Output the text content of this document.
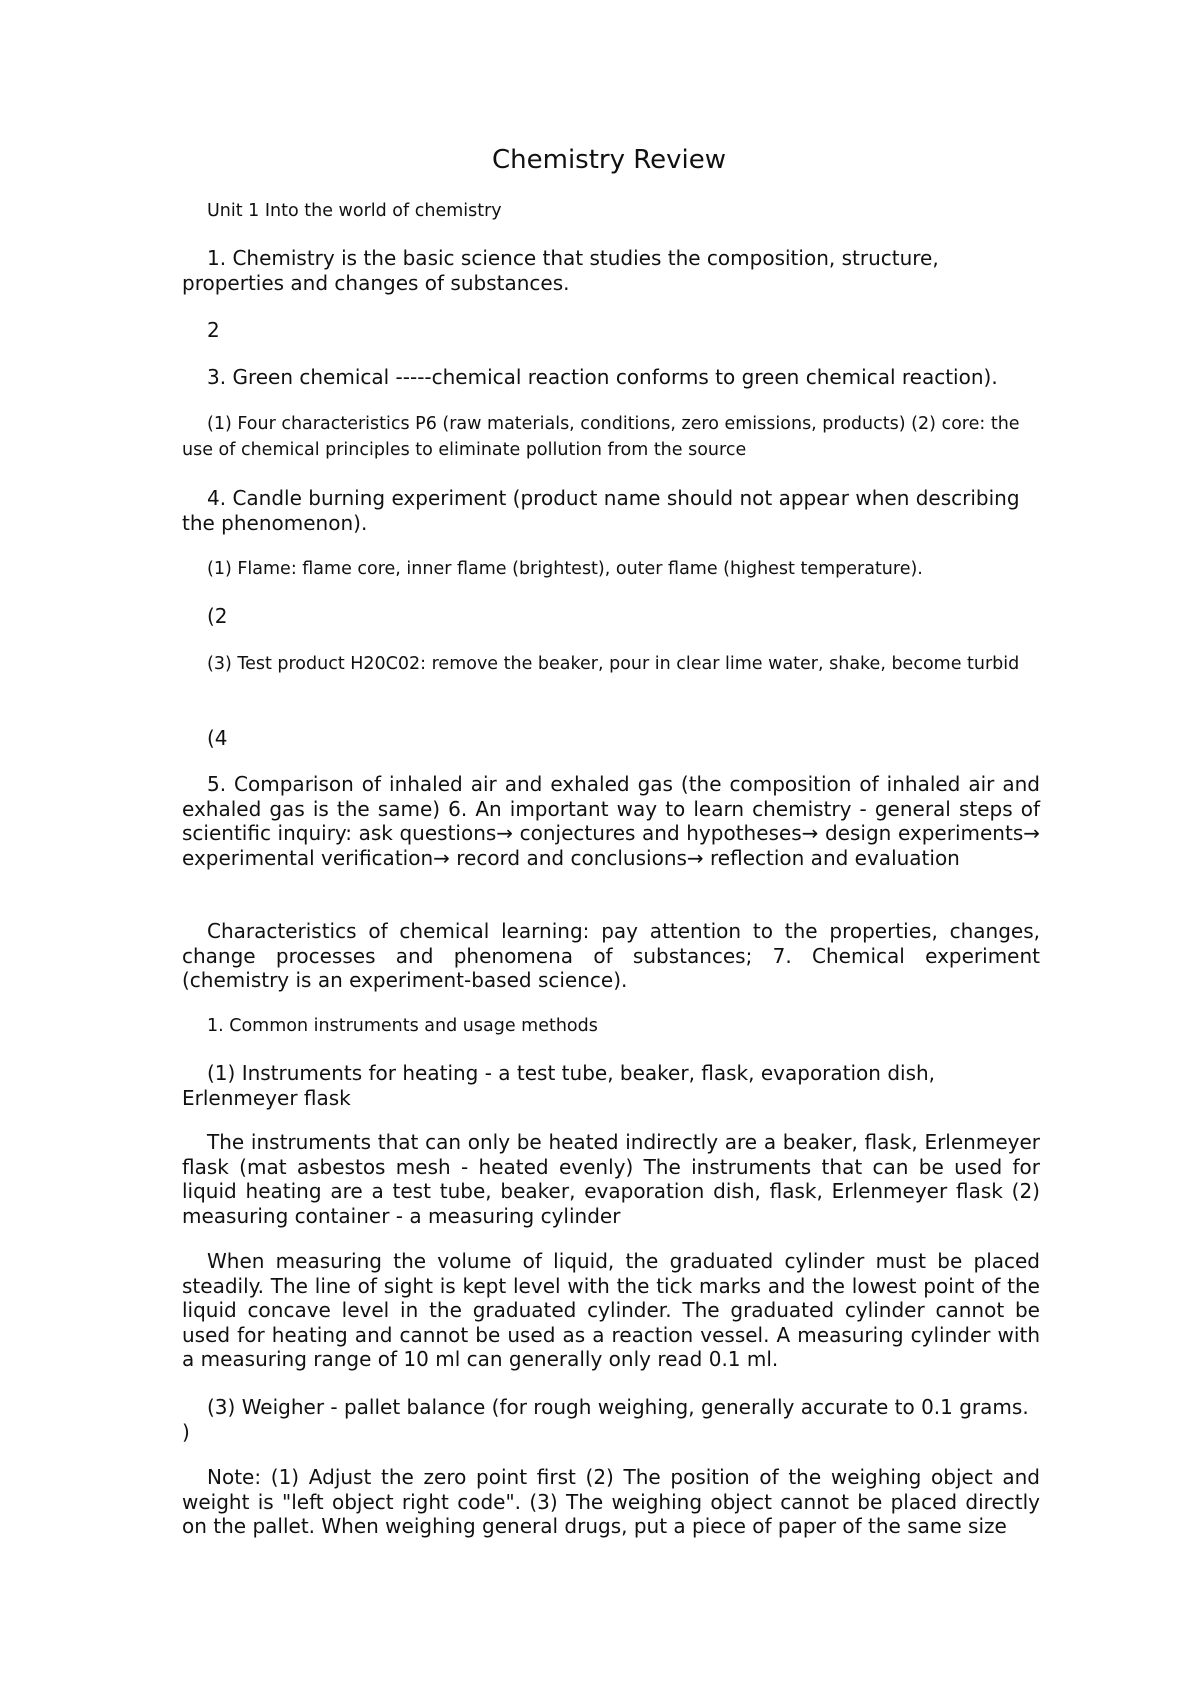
Chemistry Review

Unit 1 Into the world of chemistry

1. Chemistry is the basic science that studies the composition, structure, properties and changes of substances.

2

3. Green chemical -----chemical reaction conforms to green chemical reaction).

(1) Four characteristics P6 (raw materials, conditions, zero emissions, products) (2) core: the use of chemical principles to eliminate pollution from the source

4. Candle burning experiment (product name should not appear when describing the phenomenon).

(1) Flame: flame core, inner flame (brightest), outer flame (highest temperature).

(2

(3) Test product H20C02: remove the beaker, pour in clear lime water, shake, become turbid

(4

5. Comparison of inhaled air and exhaled gas (the composition of inhaled air and exhaled gas is the same) 6. An important way to learn chemistry - general steps of scientific inquiry: ask questions→ conjectures and hypotheses→ design experiments→ experimental verification→ record and conclusions→ reflection and evaluation

Characteristics of chemical learning: pay attention to the properties, changes, change processes and phenomena of substances; 7. Chemical experiment (chemistry is an experiment-based science).

1. Common instruments and usage methods

(1) Instruments for heating - a test tube, beaker, flask, evaporation dish, Erlenmeyer flask

The instruments that can only be heated indirectly are a beaker, flask, Erlenmeyer flask (mat asbestos mesh - heated evenly) The instruments that can be used for liquid heating are a test tube, beaker, evaporation dish, flask, Erlenmeyer flask (2) measuring container - a measuring cylinder

When measuring the volume of liquid, the graduated cylinder must be placed steadily. The line of sight is kept level with the tick marks and the lowest point of the liquid concave level in the graduated cylinder. The graduated cylinder cannot be used for heating and cannot be used as a reaction vessel. A measuring cylinder with a measuring range of 10 ml can generally only read 0.1 ml.

(3) Weigher - pallet balance (for rough weighing, generally accurate to 0.1 grams. )

Note: (1) Adjust the zero point first (2) The position of the weighing object and weight is "left object right code". (3) The weighing object cannot be placed directly on the pallet. When weighing general drugs, put a piece of paper of the same size
